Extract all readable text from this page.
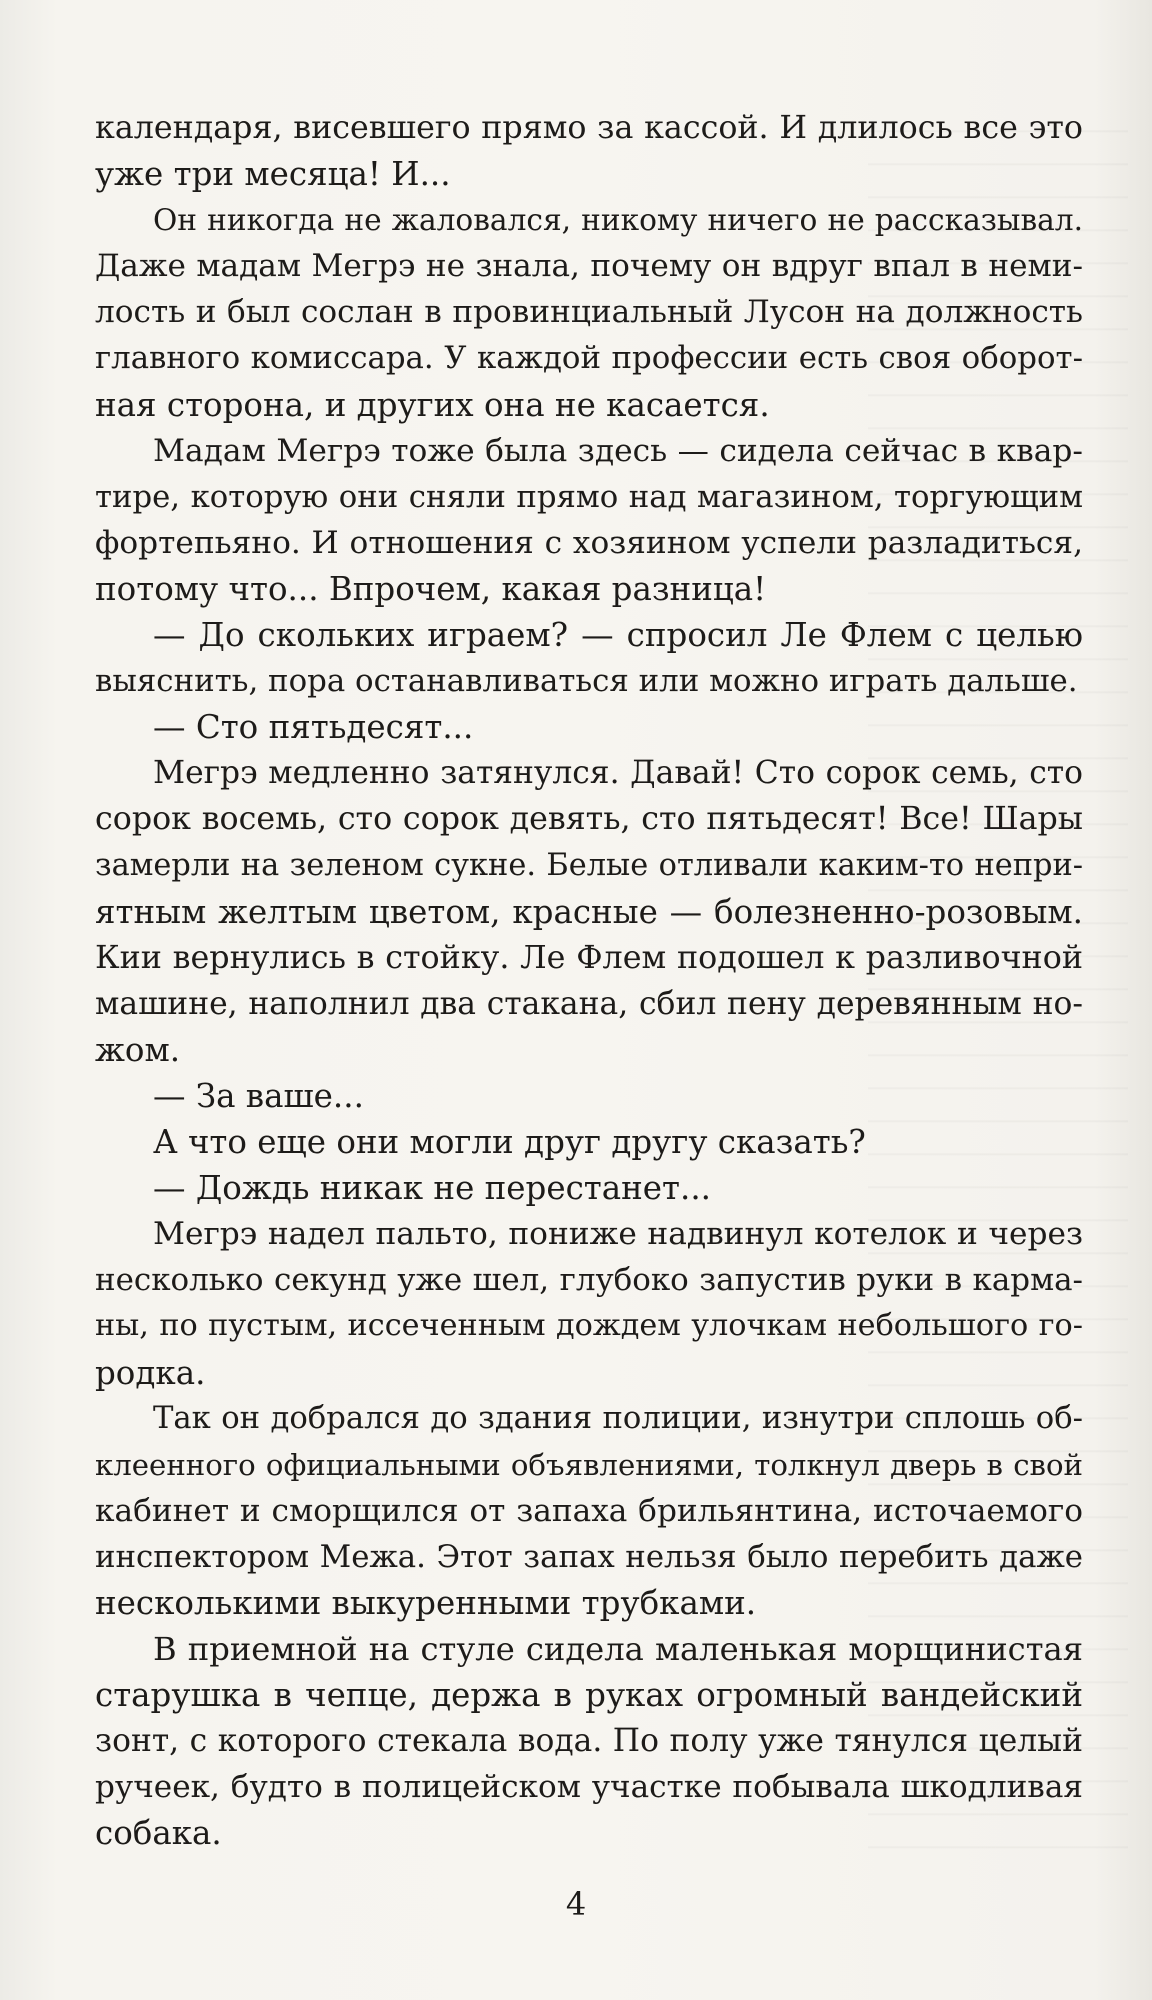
календаря, висевшего прямо за кассой. И длилось все это
уже три месяца! И...
Он никогда не жаловался, никому ничего не рассказывал.
Даже мадам Мегрэ не знала, почему он вдруг впал в неми-
лость и был сослан в провинциальный Лусон на должность
главного комиссара. У каждой профессии есть своя оборот-
ная сторона, и других она не касается.
Мадам Мегрэ тоже была здесь — сидела сейчас в квар-
тире, которую они сняли прямо над магазином, торгующим
фортепьяно. И отношения с хозяином успели разладиться,
потому что... Впрочем, какая разница!
— До скольких играем? — спросил Ле Флем с целью
выяснить, пора останавливаться или можно играть дальше.
— Сто пятьдесят...
Мегрэ медленно затянулся. Давай! Сто сорок семь, сто
сорок восемь, сто сорок девять, сто пятьдесят! Все! Шары
замерли на зеленом сукне. Белые отливали каким-то непри-
ятным желтым цветом, красные — болезненно-розовым.
Кии вернулись в стойку. Ле Флем подошел к разливочной
машине, наполнил два стакана, сбил пену деревянным но-
жом.
— За ваше...
А что еще они могли друг другу сказать?
— Дождь никак не перестанет...
Мегрэ надел пальто, пониже надвинул котелок и через
несколько секунд уже шел, глубоко запустив руки в карма-
ны, по пустым, иссеченным дождем улочкам небольшого го-
родка.
Так он добрался до здания полиции, изнутри сплошь об-
клеенного официальными объявлениями, толкнул дверь в свой
кабинет и сморщился от запаха брильянтина, источаемого
инспектором Межа. Этот запах нельзя было перебить даже
несколькими выкуренными трубками.
В приемной на стуле сидела маленькая морщинистая
старушка в чепце, держа в руках огромный вандейский
зонт, с которого стекала вода. По полу уже тянулся целый
ручеек, будто в полицейском участке побывала шкодливая
собака.
4
